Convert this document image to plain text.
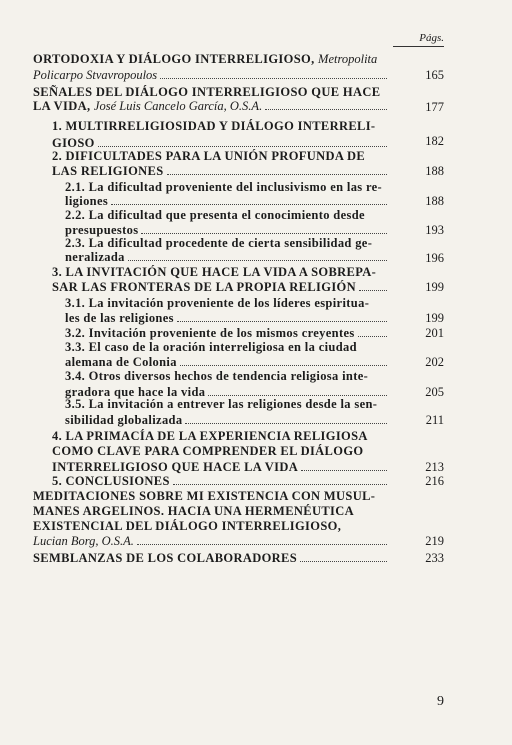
Págs.
ORTODOXIA Y DIÁLOGO INTERRELIGIOSO, Metropolita
Policarpo Stvavropoulos	165
SEÑALES DEL DIÁLOGO INTERRELIGIOSO QUE HACE
LA VIDA, José Luis Cancelo García, O.S.A.	177
1. MULTIRRELIGIOSIDAD Y DIÁLOGO INTERRELI-
GIOSO	182
2. DIFICULTADES PARA LA UNIÓN PROFUNDA DE
LAS RELIGIONES	188
2.1. La dificultad proveniente del inclusivismo en las re-
ligiones	188
2.2. La dificultad que presenta el conocimiento desde
presupuestos	193
2.3. La dificultad procedente de cierta sensibilidad ge-
neralizada	196
3. LA INVITACIÓN QUE HACE LA VIDA A SOBREPA-
SAR LAS FRONTERAS DE LA PROPIA RELIGIÓN	199
3.1. La invitación proveniente de los líderes espiritua-
les de las religiones	199
3.2. Invitación proveniente de los mismos creyentes	201
3.3. El caso de la oración interreligiosa en la ciudad
alemana de Colonia	202
3.4. Otros diversos hechos de tendencia religiosa inte-
gradora que hace la vida	205
3.5. La invitación a entrever las religiones desde la sen-
sibilidad globalizada	211
4. LA PRIMACÍA DE LA EXPERIENCIA RELIGIOSA
COMO CLAVE PARA COMPRENDER EL DIÁLOGO
INTERRELIGIOSO QUE HACE LA VIDA	213
5. CONCLUSIONES	216
MEDITACIONES SOBRE MI EXISTENCIA CON MUSUL-
MANES ARGELINOS. HACIA UNA HERMENÉUTICA
EXISTENCIAL DEL DIÁLOGO INTERRELIGIOSO,
Lucian Borg, O.S.A.	219
SEMBLANZAS DE LOS COLABORADORES	233
9
